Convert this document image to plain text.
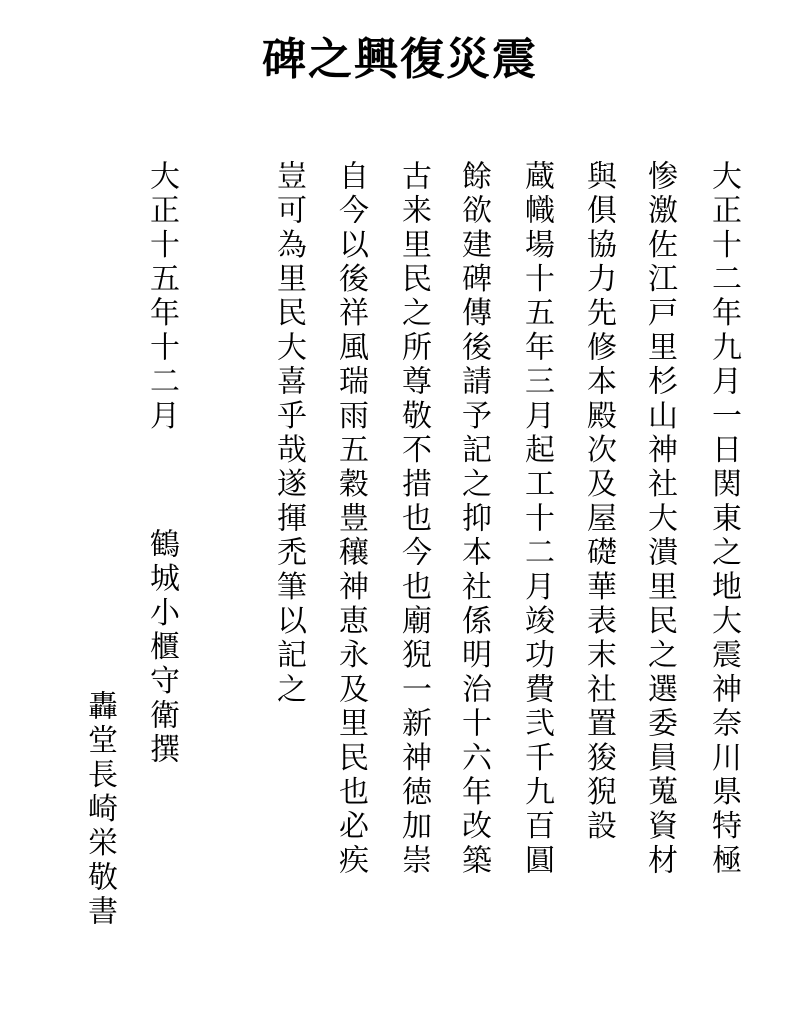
碑之興復災震
大正十二年九月一日関東之地大震神奈川県特極
惨激佐江戸里杉山神社大潰里民之選委員蒐資材
與俱協力先修本殿次及屋礎華表末社置狻猊設
蔵幟場十五年三月起工十二月竣功費弐千九百圓
餘欲建碑傳後請予記之抑本社係明治十六年改築
古来里民之所尊敬不措也今也廟猊一新神徳加崇
自今以後祥風瑞雨五穀豊穰神恵永及里民也必疾
豈可為里民大喜乎哉遂揮禿筆以記之
大正十五年十二月
鶴城小櫃守衛撰
轟堂長崎栄敬書
